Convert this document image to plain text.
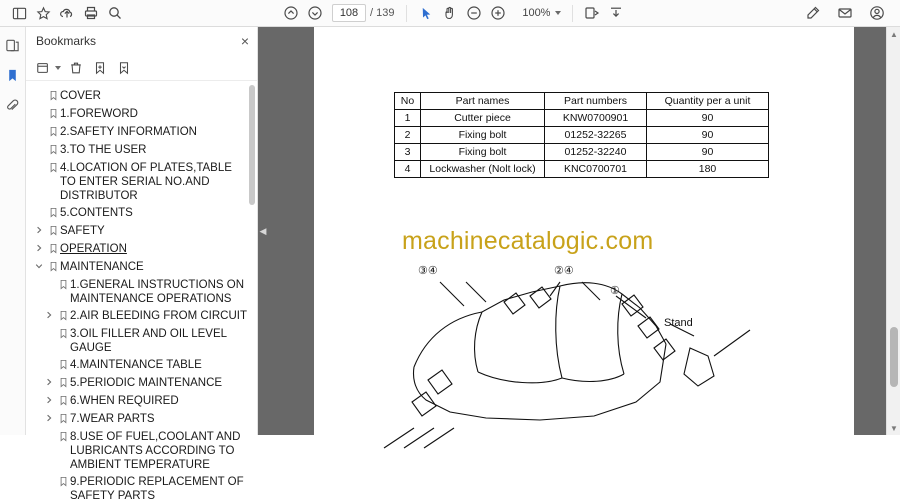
108
/ 139	100%
Bookmarks	×
COVER
1.FOREWORD
2.SAFETY INFORMATION
3.TO THE USER
4.LOCATION OF PLATES,TABLE TO ENTER SERIAL NO.AND DISTRIBUTOR
5.CONTENTS
SAFETY
OPERATION
MAINTENANCE
1.GENERAL INSTRUCTIONS ON MAINTENANCE OPERATIONS
2.AIR BLEEDING FROM CIRCUIT
3.OIL FILLER AND OIL LEVEL GAUGE
4.MAINTENANCE TABLE
5.PERIODIC MAINTENANCE
6.WHEN REQUIRED
7.WEAR PARTS
8.USE OF FUEL,COOLANT AND LUBRICANTS ACCORDING TO AMBIENT TEMPERATURE
9.PERIODIC REPLACEMENT OF SAFETY PARTS
◀
No	Part names	Part numbers	Quantity per a unit
1	Cutter piece	KNW0700901	90
2	Fixing bolt	01252-32265	90
3	Fixing bolt	01252-32240	90
4	Lockwasher (Nolt lock)	KNC0700701	180
machinecatalogic.com
③④	②④
①
Stand
▲
▼
